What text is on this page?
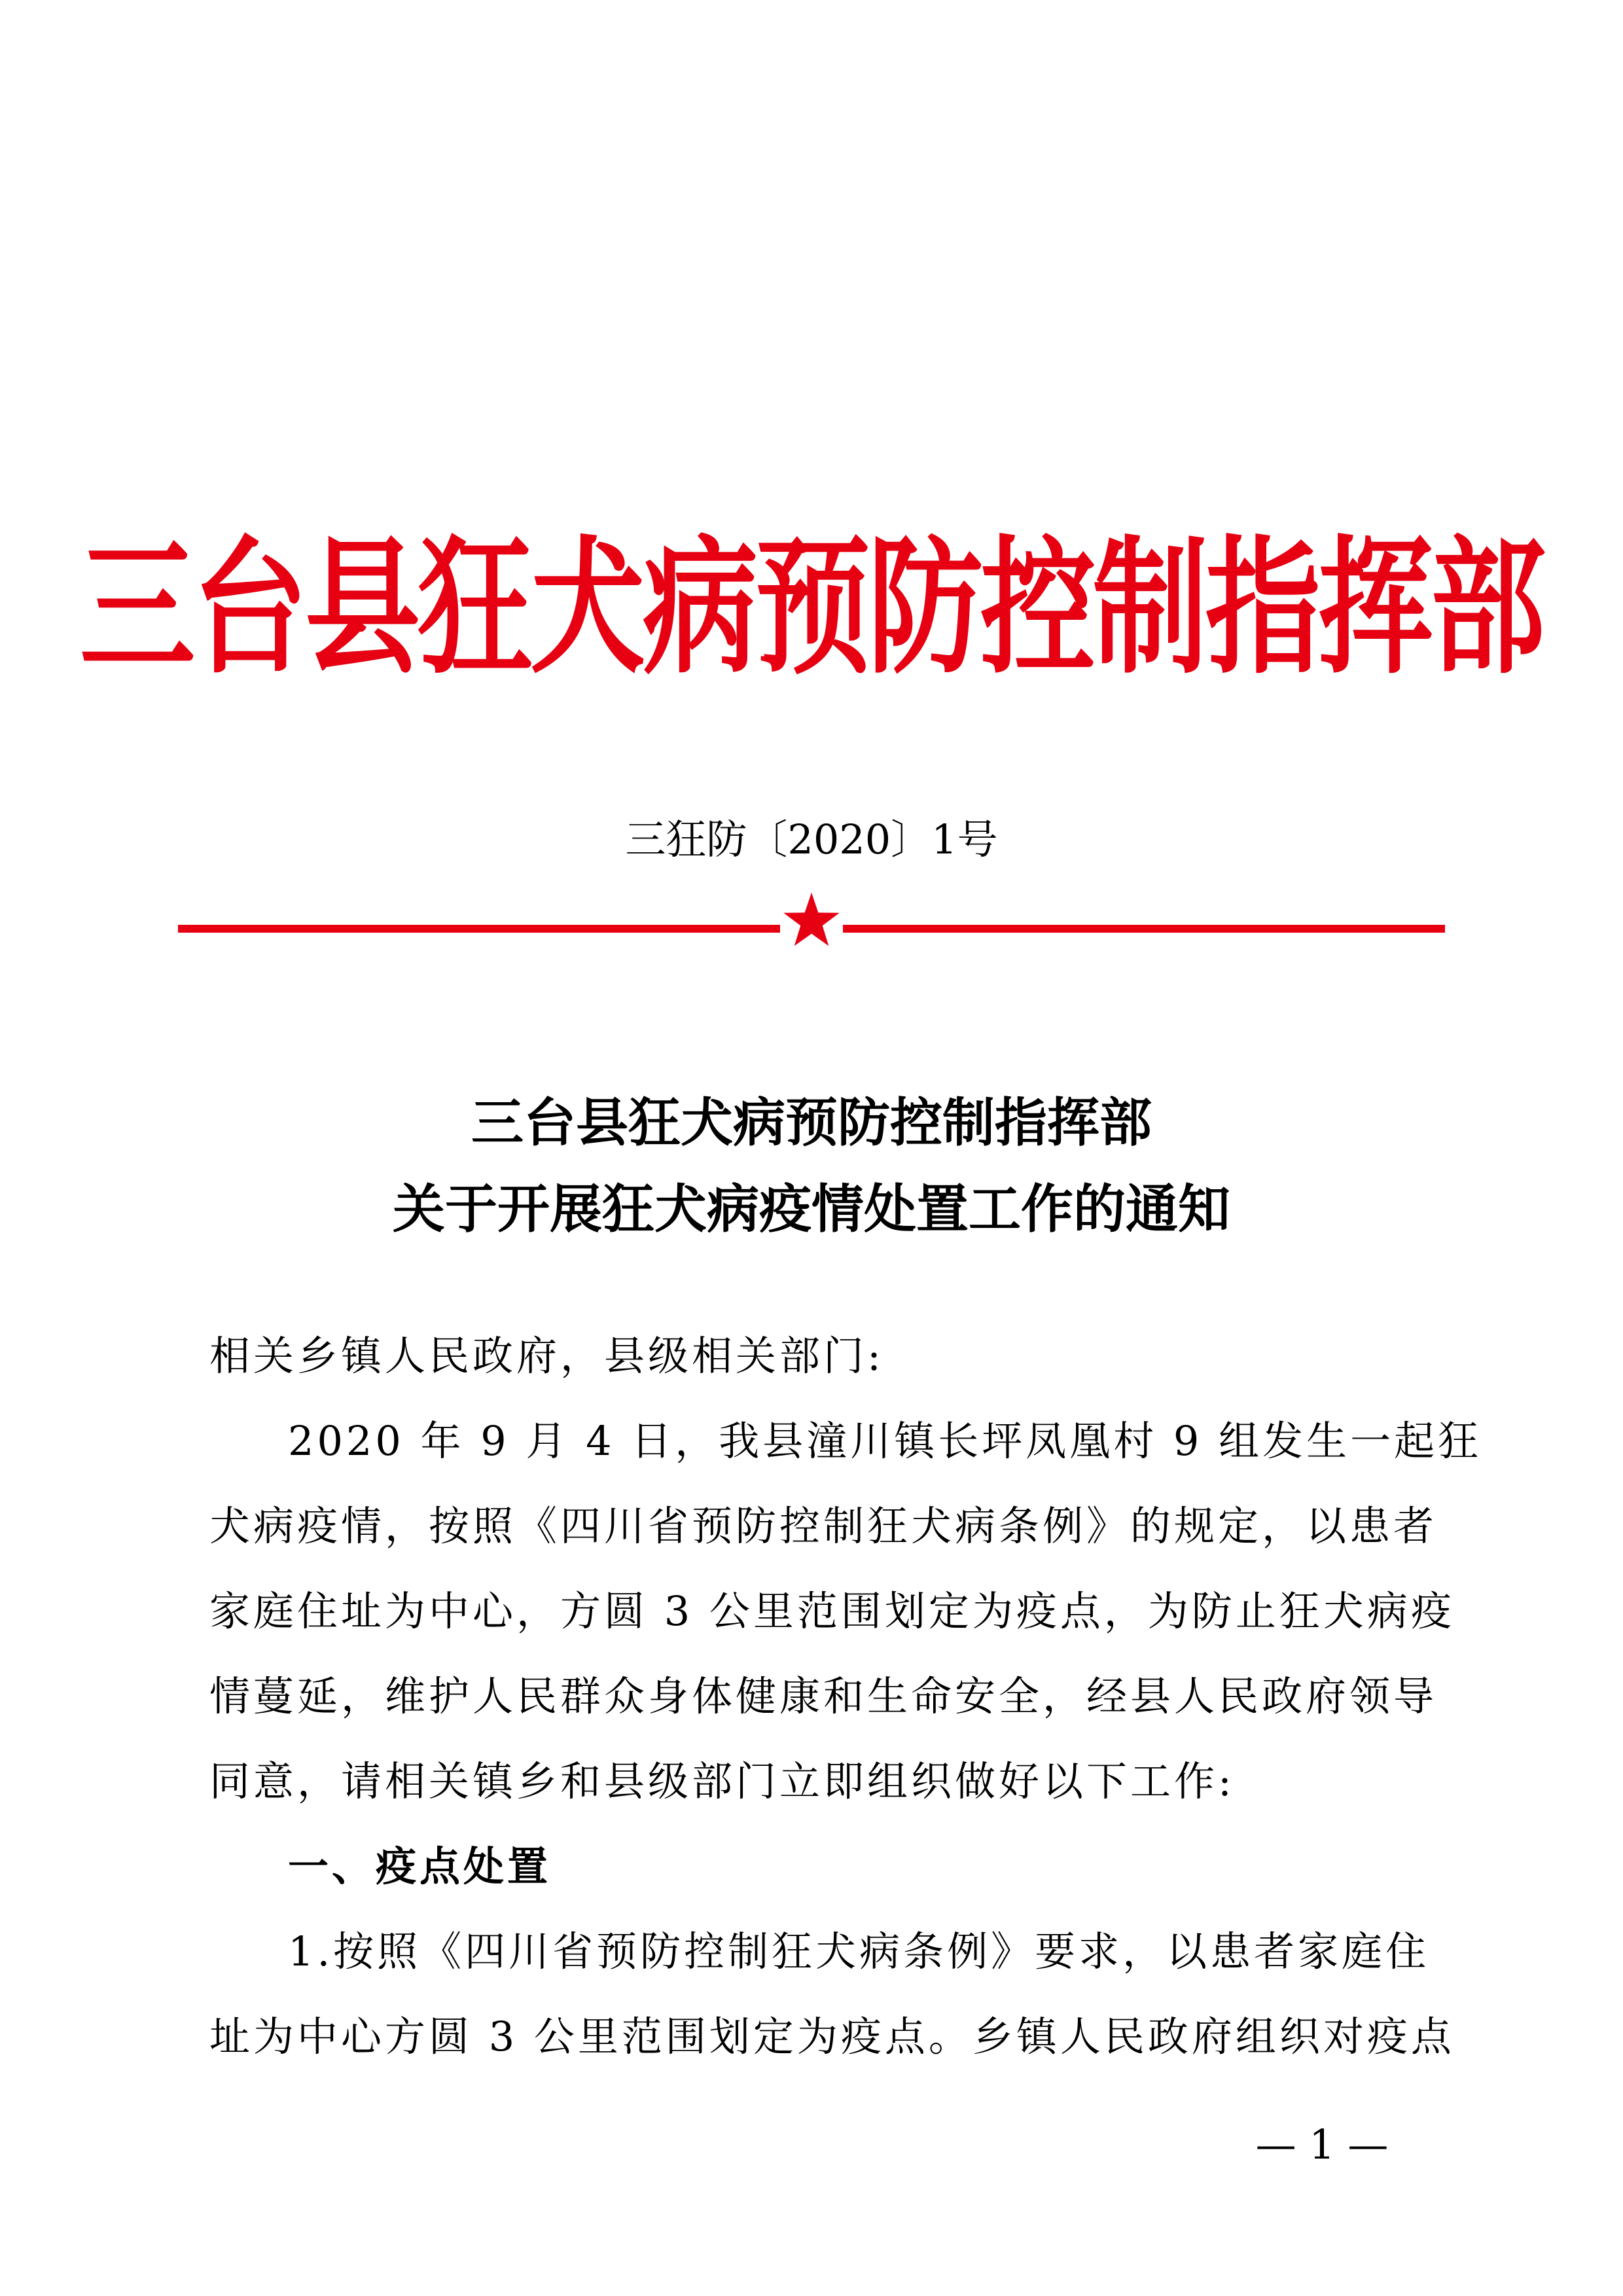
三台县狂犬病预防控制指挥部
三狂防〔2020〕1号
三台县狂犬病预防控制指挥部
关于开展狂犬病疫情处置工作的通知
相关乡镇人民政府，县级相关部门:
2020 年 9 月 4 日，我县潼川镇长坪凤凰村 9 组发生一起狂
犬病疫情，按照《四川省预防控制狂犬病条例》的规定，以患者
家庭住址为中心，方圆 3 公里范围划定为疫点，为防止狂犬病疫
情蔓延，维护人民群众身体健康和生命安全，经县人民政府领导
同意，请相关镇乡和县级部门立即组织做好以下工作:
一、疫点处置
1.按照《四川省预防控制狂犬病条例》要求，以患者家庭住
址为中心方圆 3 公里范围划定为疫点。乡镇人民政府组织对疫点
— 1 —
